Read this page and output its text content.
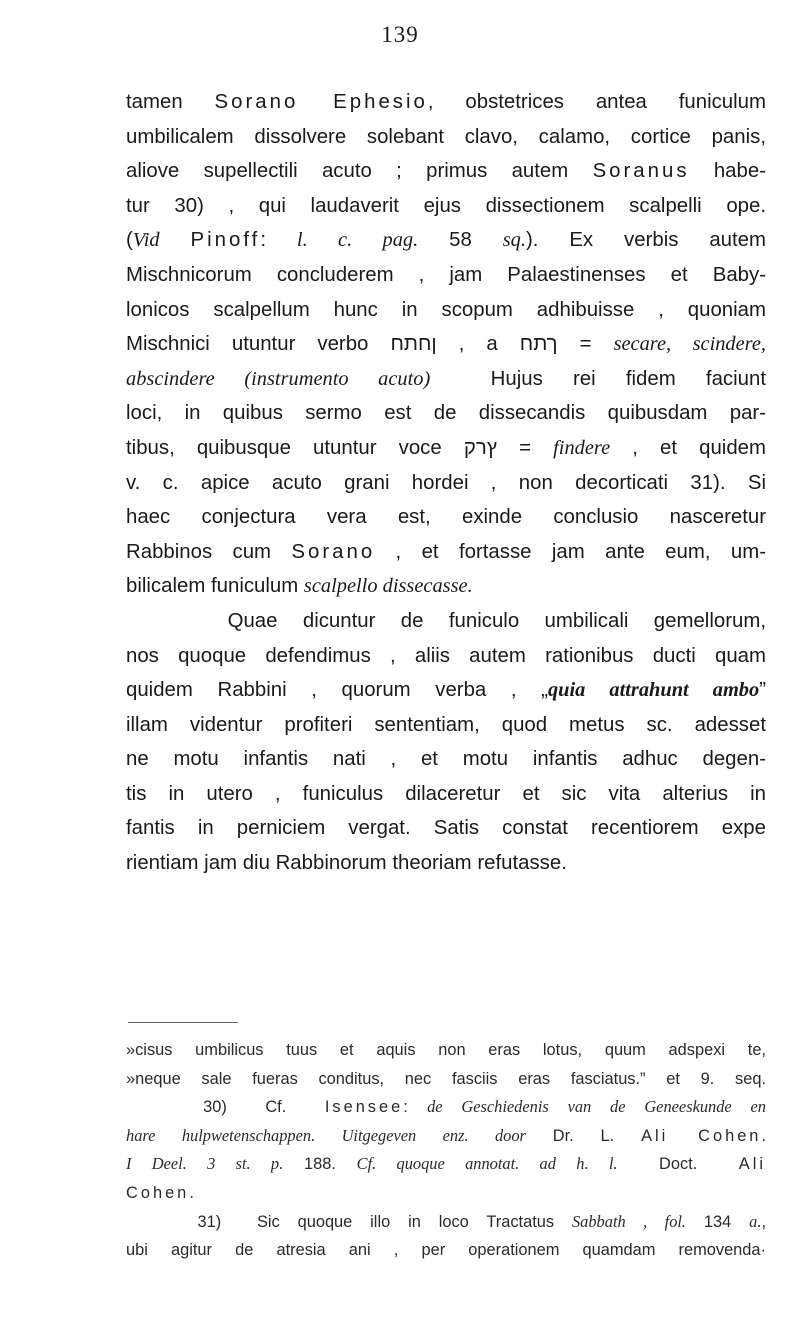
139
tamen Sorano Ephesio, obstetrices antea funiculum
umbilicalem dissolvere solebant clavo, calamo, cortice panis,
aliove supellectili acuto ; primus autem Soranus habe-
tur 30) , qui laudaverit ejus dissectionem scalpelli ope.
(Vid Pinoff: l. c. pag. 58 sq.). Ex verbis autem
Mischnicorum concluderem , jam Palaestinenses et Baby-
lonicos scalpellum hunc in scopum adhibuisse , quoniam
Mischnici utuntur verbo ‏ןחתח‏ , a ‏ךתח‏ = secare, scindere,
abscindere (instrumento acuto)  Hujus rei fidem faciunt
loci, in quibus sermo est de dissecandis quibusdam par-
tibus, quibusque utuntur voce ‏ץרק‏ = findere , et quidem
v. c. apice acuto grani hordei , non decorticati 31). Si
haec conjectura vera est, exinde conclusio nasceretur
Rabbinos cum Sorano , et fortasse jam ante eum, um-
bilicalem funiculum scalpello dissecasse.
Quae dicuntur de funiculo umbilicali gemellorum,
nos quoque defendimus , aliis autem rationibus ducti quam
quidem Rabbini , quorum verba , „quia attrahunt ambo”
illam videntur profiteri sententiam, quod metus sc. adesset
ne motu infantis nati , et motu infantis adhuc degen-
tis in utero , funiculus dilaceretur et sic vita alterius in
fantis in perniciem vergat. Satis constat recentiorem expe
rientiam jam diu Rabbinorum theoriam refutasse.
»cisus umbilicus tuus et aquis non eras lotus, quum adspexi te,
»neque sale fueras conditus, nec fasciis eras fasciatus.” et 9. seq.
30)  Cf.  Isensee: de Geschiedenis van de Geneeskunde en
hare hulpwetenschappen. Uitgegeven enz. door Dr. L. Ali Cohen.
I Deel. 3 st. p. 188. Cf. quoque annotat. ad h. l.  Doct.  Ali
Cohen.
31)  Sic quoque illo in loco Tractatus Sabbath , fol. 134 a.,
ubi agitur de atresia ani , per operationem quamdam removenda·
